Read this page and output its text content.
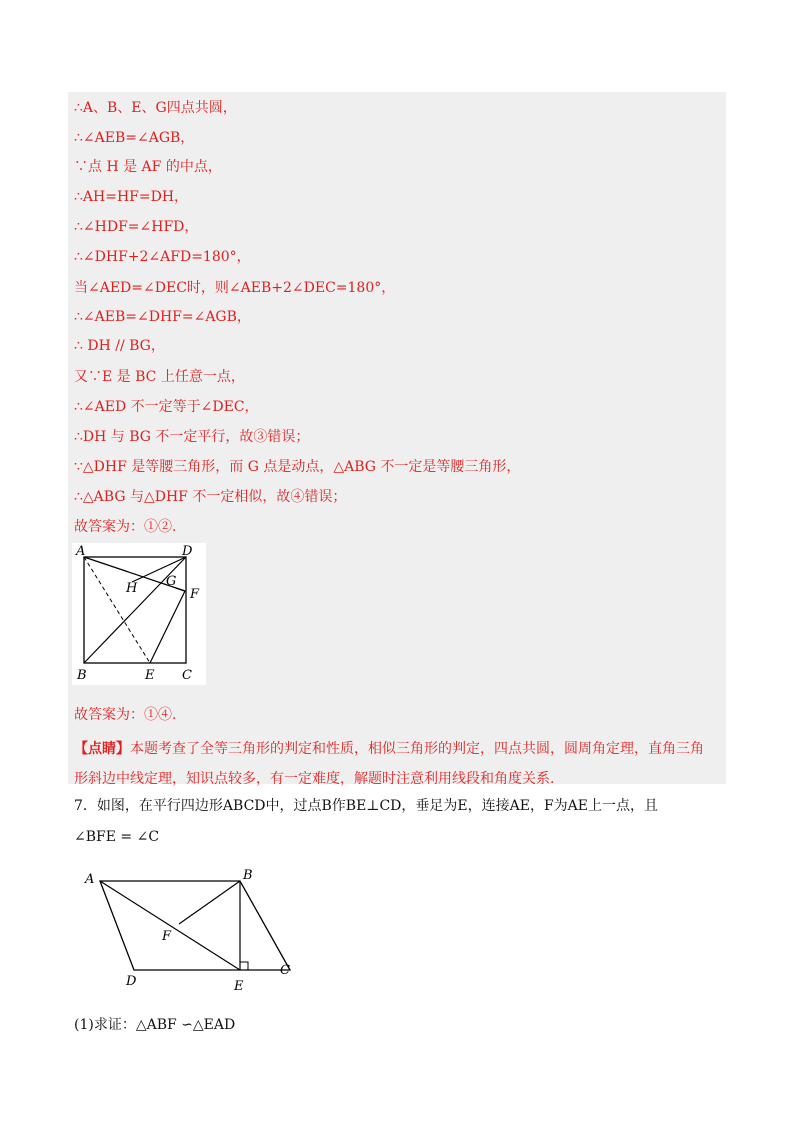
∴A、B、E、G四点共圆，
∴∠AEB=∠AGB，
∵点 H 是 AF 的中点，
∴AH=HF=DH，
∴∠HDF=∠HFD，
∴∠DHF+2∠AFD=180°，
当∠AED=∠DEC时，则∠AEB+2∠DEC=180°，
∴∠AEB=∠DHF=∠AGB，
∴ DH // BG，
又∵E 是 BC 上任意一点，
∴∠AED 不一定等于∠DEC，
∴DH 与 BG 不一定平行，故③错误；
∵△DHF 是等腰三角形，而 G 点是动点，△ABG 不一定是等腰三角形，
∴△ABG 与△DHF 不一定相似，故④错误；
故答案为：①②.
A	D
H G
F
B	E C
故答案为：①④.
【点睛】本题考查了全等三角形的判定和性质，相似三角形的判定，四点共圆，圆周角定理，直角三角形斜边中线定理，知识点较多，有一定难度，解题时注意利用线段和角度关系.
7．如图，在平行四边形ABCD中，过点B作BE⊥CD，垂足为E，连接AE，F为AE上一点，且
∠BFE = ∠C
A	B
F
D	E
C
(1)求证：△ABF ∽△EAD
